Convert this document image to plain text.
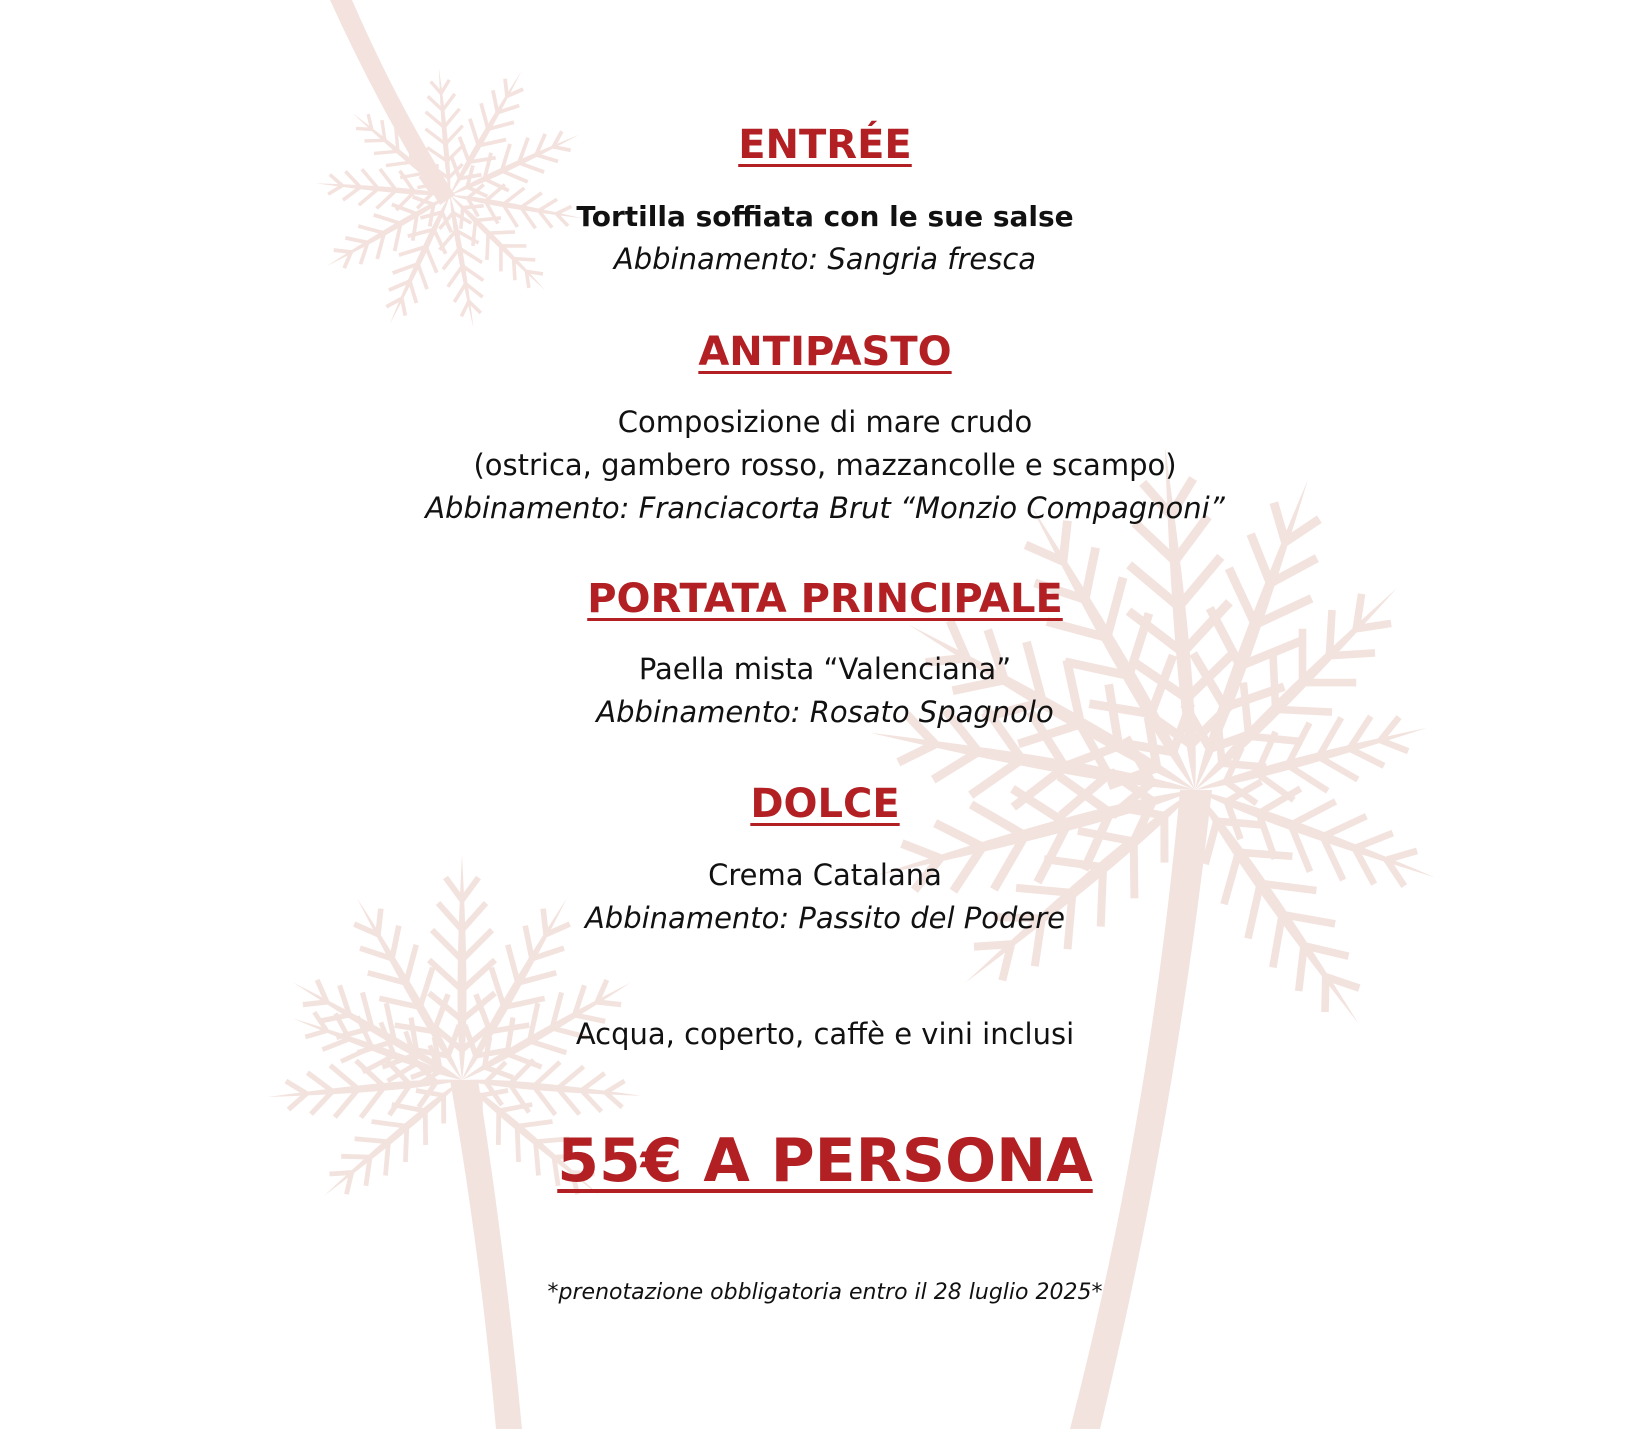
ENTRÉE
Tortilla soffiata con le sue salse
Abbinamento: Sangria fresca
ANTIPASTO
Composizione di mare crudo
(ostrica, gambero rosso, mazzancolle e scampo)
Abbinamento: Franciacorta Brut “Monzio Compagnoni”
PORTATA PRINCIPALE
Paella mista “Valenciana”
Abbinamento: Rosato Spagnolo
DOLCE
Crema Catalana
Abbinamento: Passito del Podere
Acqua, coperto, caffè e vini inclusi
55€ A PERSONA
*prenotazione obbligatoria entro il 28 luglio 2025*
